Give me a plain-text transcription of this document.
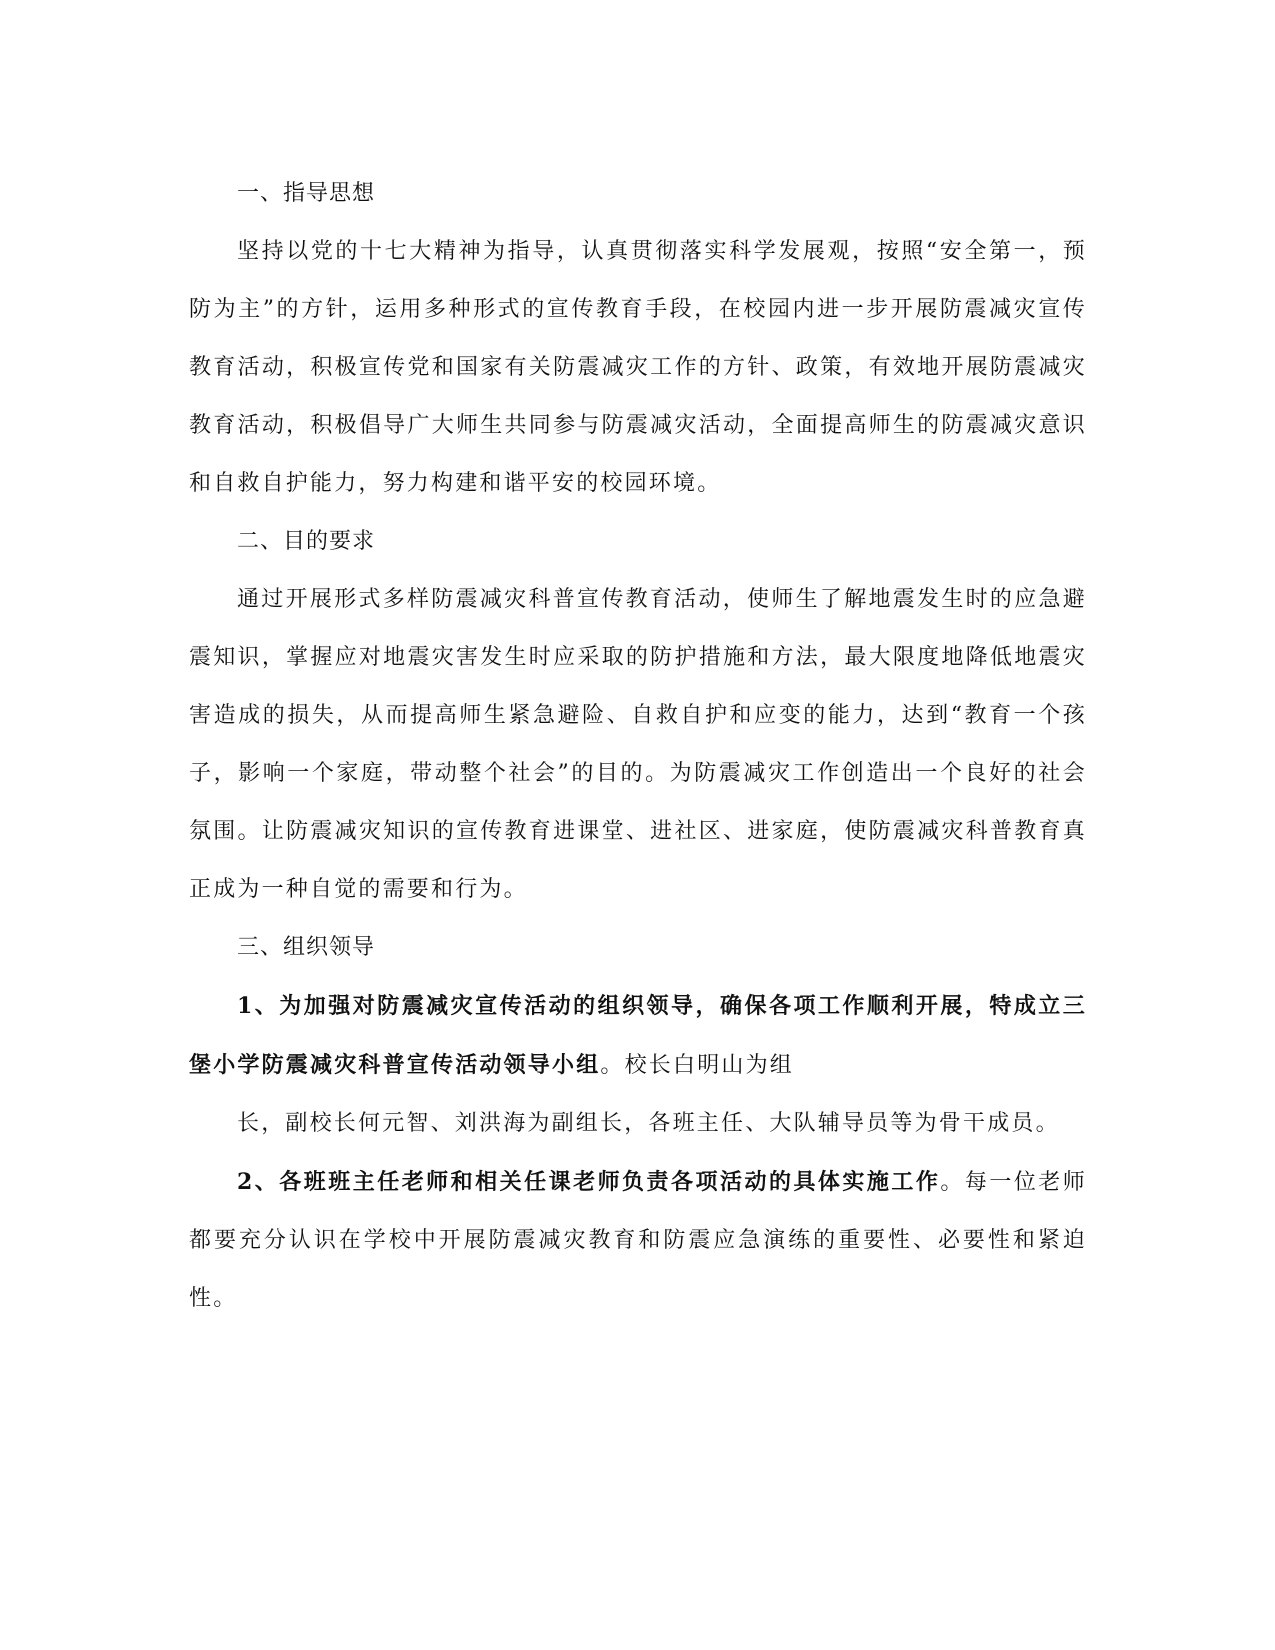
一、指导思想

坚持以党的十七大精神为指导，认真贯彻落实科学发展观，按照“安全第一，预防为主”的方针，运用多种形式的宣传教育手段，在校园内进一步开展防震减灾宣传教育活动，积极宣传党和国家有关防震减灾工作的方针、政策，有效地开展防震减灾教育活动，积极倡导广大师生共同参与防震减灾活动，全面提高师生的防震减灾意识和自救自护能力，努力构建和谐平安的校园环境。

二、目的要求

通过开展形式多样防震减灾科普宣传教育活动，使师生了解地震发生时的应急避震知识，掌握应对地震灾害发生时应采取的防护措施和方法，最大限度地降低地震灾害造成的损失，从而提高师生紧急避险、自救自护和应变的能力，达到“教育一个孩子，影响一个家庭，带动整个社会”的目的。为防震减灾工作创造出一个良好的社会氛围。让防震减灾知识的宣传教育进课堂、进社区、进家庭，使防震减灾科普教育真正成为一种自觉的需要和行为。

三、组织领导

1、为加强对防震减灾宣传活动的组织领导，确保各项工作顺利开展，特成立三堡小学防震减灾科普宣传活动领导小组。校长白明山为组

长，副校长何元智、刘洪海为副组长，各班主任、大队辅导员等为骨干成员。

2、各班班主任老师和相关任课老师负责各项活动的具体实施工作。每一位老师都要充分认识在学校中开展防震减灾教育和防震应急演练的重要性、必要性和紧迫性。
